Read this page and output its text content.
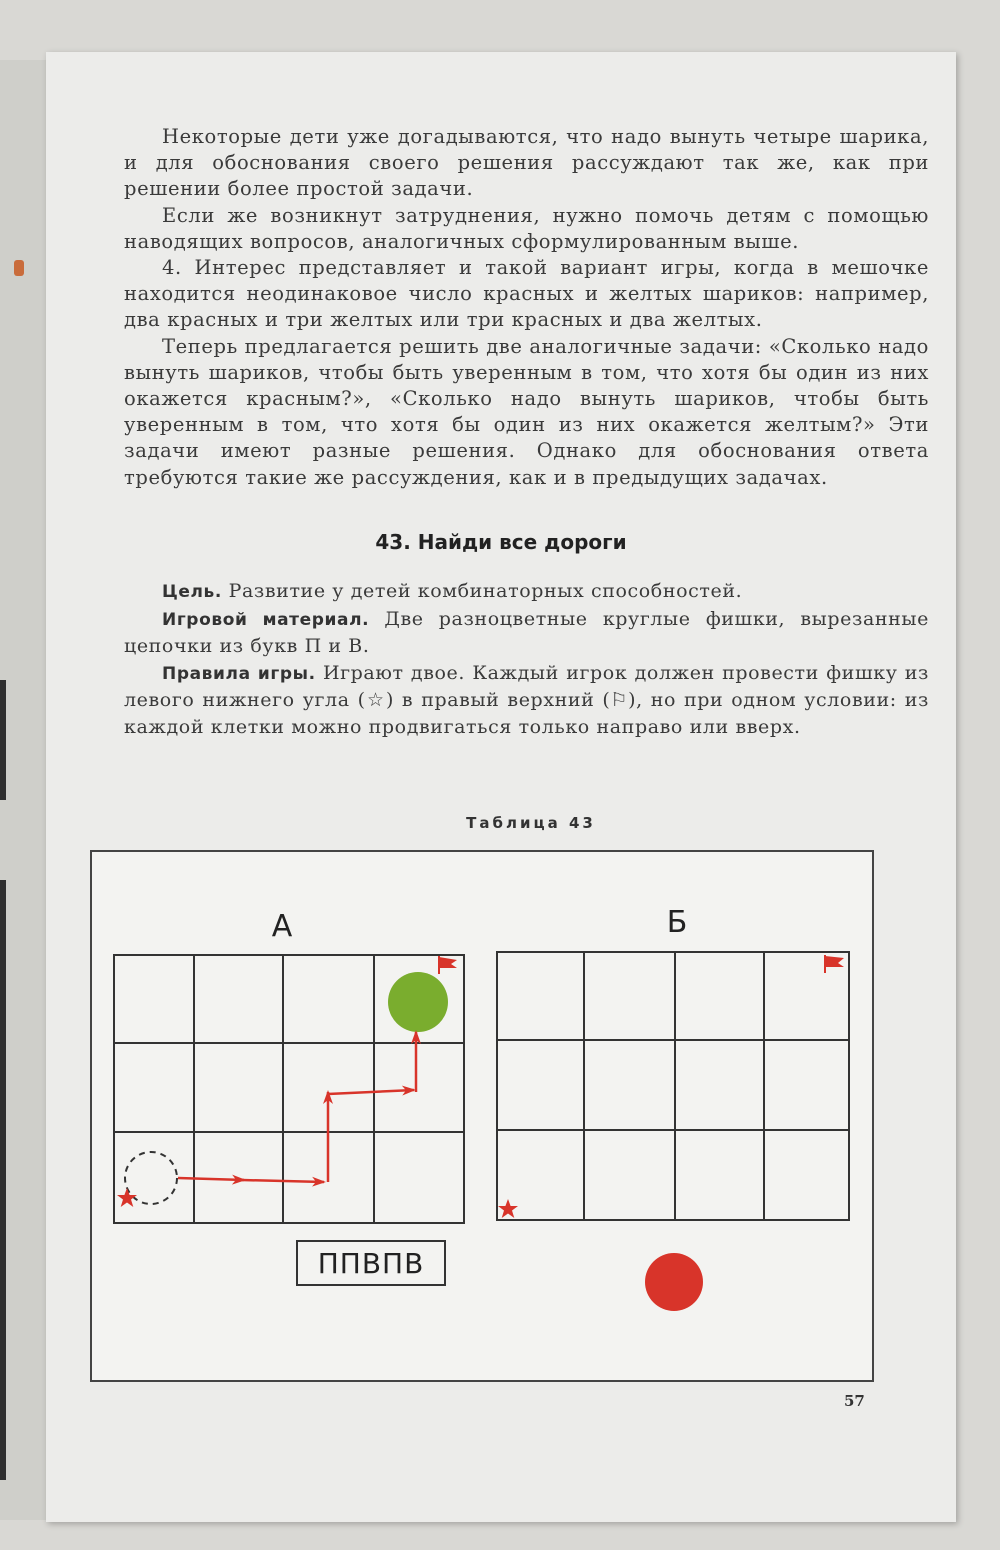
Некоторые дети уже догадываются, что надо вынуть четыре шарика, и для обоснования своего решения рассуждают так же, как при решении более простой задачи.

Если же возникнут затруднения, нужно помочь детям с помощью наводящих вопросов, аналогичных сформулированным выше.

4. Интерес представляет и такой вариант игры, когда в мешочке находится неодинаковое число красных и желтых шариков: например, два красных и три желтых или три красных и два желтых.

Теперь предлагается решить две аналогичные задачи: «Сколько надо вынуть шариков, чтобы быть уверенным в том, что хотя бы один из них окажется красным?», «Сколько надо вынуть шариков, чтобы быть уверенным в том, что хотя бы один из них окажется желтым?» Эти задачи имеют разные решения. Однако для обоснования ответа требуются такие же рассуждения, как и в предыдущих задачах.

43. Найди все дороги

Цель. Развитие у детей комбинаторных способностей.

Игровой материал. Две разноцветные круглые фишки, вырезанные цепочки из букв П и В.

Правила игры. Играют двое. Каждый игрок должен провести фишку из левого нижнего угла (☆) в правый верхний (⚐), но при одном условии: из каждой клетки можно продвигаться только направо или вверх.

Таблица 43
А
ППВПВ
Б
57
